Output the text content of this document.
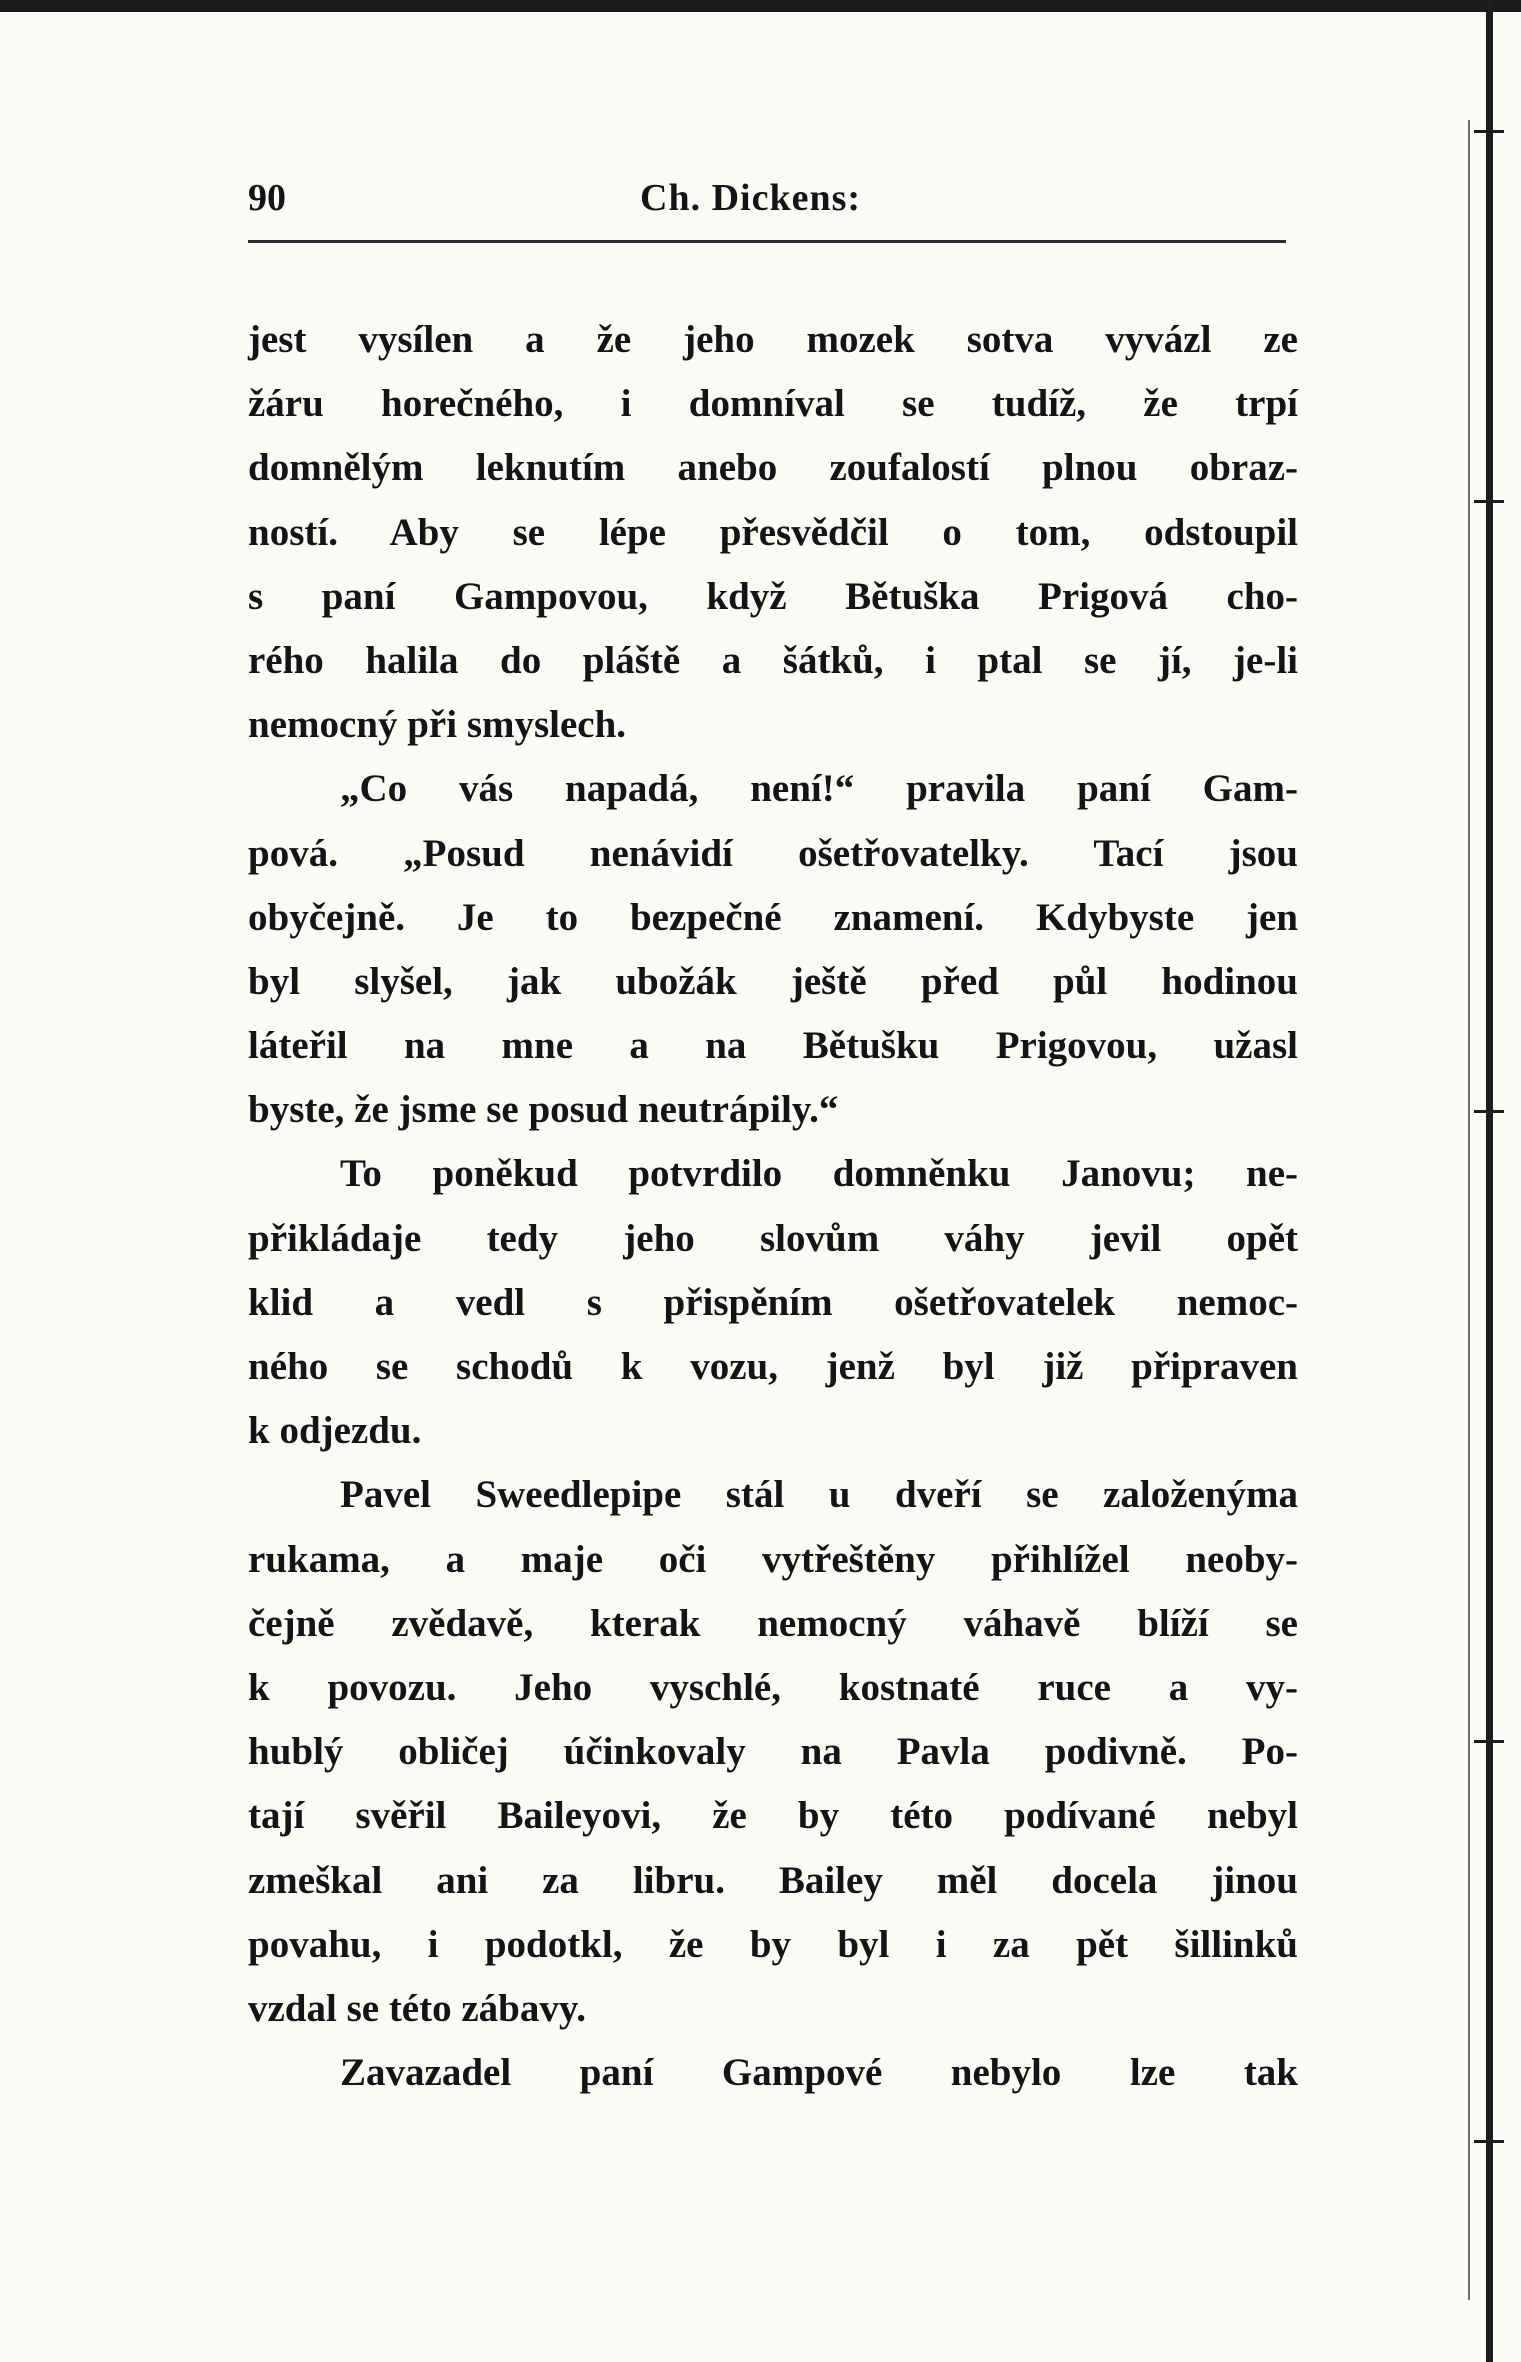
90	Ch. Dickens:
jest vysílen a že jeho mozek sotva vyvázl ze
žáru horečného, i domníval se tudíž, že trpí
domnělým leknutím anebo zoufalostí plnou obraz-
ností. Aby se lépe přesvědčil o tom, odstoupil
s paní Gampovou, když Bětuška Prigová cho-
rého halila do pláště a šátků, i ptal se jí, je-li
nemocný při smyslech.
„Co vás napadá, není!“ pravila paní Gam-
pová. „Posud nenávidí ošetřovatelky. Tací jsou
obyčejně. Je to bezpečné znamení. Kdybyste jen
byl slyšel, jak ubožák ještě před půl hodinou
láteřil na mne a na Bětušku Prigovou, užasl
byste, že jsme se posud neutrápily.“
To poněkud potvrdilo domněnku Janovu; ne-
přikládaje tedy jeho slovům váhy jevil opět
klid a vedl s přispěním ošetřovatelek nemoc-
ného se schodů k vozu, jenž byl již připraven
k odjezdu.
Pavel Sweedlepipe stál u dveří se založenýma
rukama, a maje oči vytřeštěny přihlížel neoby-
čejně zvědavě, kterak nemocný váhavě blíží se
k povozu. Jeho vyschlé, kostnaté ruce a vy-
hublý obličej účinkovaly na Pavla podivně. Po-
tají svěřil Baileyovi, že by této podívané nebyl
zmeškal ani za libru. Bailey měl docela jinou
povahu, i podotkl, že by byl i za pět šillinků
vzdal se této zábavy.
Zavazadel paní Gampové nebylo lze tak
